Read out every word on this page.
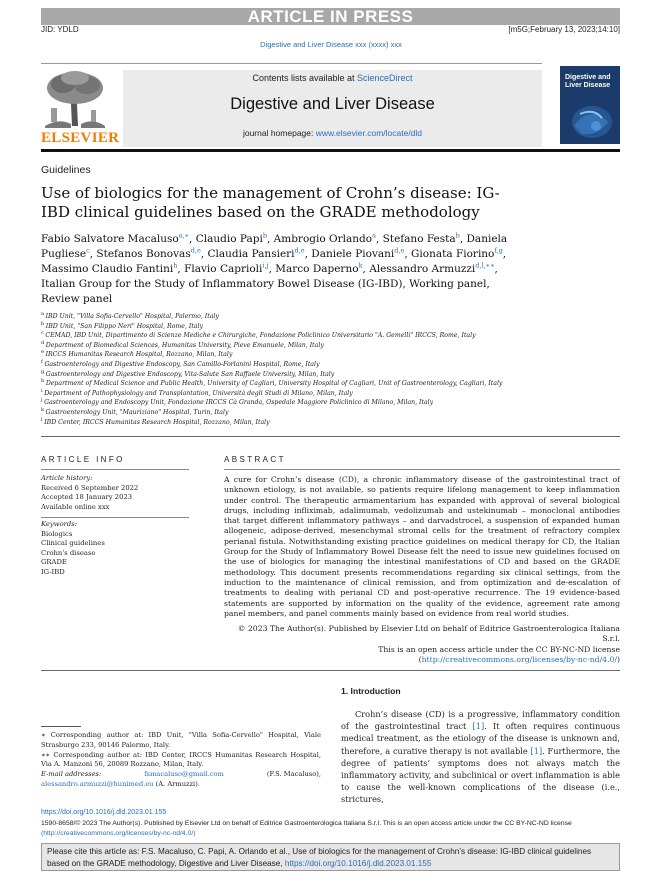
ARTICLE IN PRESS
JID: YDLD	[m5G;February 13, 2023;14:10]
Digestive and Liver Disease xxx (xxxx) xxx
ELSEVIER
Contents lists available at ScienceDirect
Digestive and Liver Disease
journal homepage: www.elsevier.com/locate/dld
Digestive and Liver Disease
Guidelines
Use of biologics for the management of Crohn’s disease: IG-IBD clinical guidelines based on the GRADE methodology
Fabio Salvatore Macaluso$^{a,∗}$, Claudio Papi$^b$, Ambrogio Orlando$^a$, Stefano Festa$^b$, Daniela Pugliese$^c$, Stefanos Bonovas$^{d,e}$, Claudia Pansieri$^{d,e}$, Daniele Piovani$^{d,e}$, Gionata Fiorino$^{f,g}$, Massimo Claudio Fantini$^h$, Flavio Caprioli$^{i,j}$, Marco Daperno$^k$, Alessandro Armuzzi$^{d,l,∗∗}$, Italian Group for the Study of Inflammatory Bowel Disease (IG-IBD), Working panel, Review panel
$^a$ IBD Unit, "Villa Sofia-Cervello" Hospital, Palermo, Italy
$^b$ IBD Unit, "San Filippo Neri" Hospital, Rome, Italy
$^c$ CEMAD, IBD Unit, Dipartimento di Scienze Mediche e Chirurgiche, Fondazione Policlinico Universitario "A. Gemelli" IRCCS, Rome, Italy
$^d$ Department of Biomedical Sciences, Humanitas University, Pieve Emanuele, Milan, Italy
$^e$ IRCCS Humanitas Research Hospital, Rozzano, Milan, Italy
$^f$ Gastroenterology and Digestive Endoscopy, San Camillo-Forlanini Hospital, Rome, Italy
$^g$ Gastroenterology and Digestive Endoscopy, Vita-Salute San Raffaele University, Milan, Italy
$^h$ Department of Medical Science and Public Health, University of Cagliari, University Hospital of Cagliari, Unit of Gastroenterology, Cagliari, Italy
$^i$ Department of Pathophysiology and Transplantation, Università degli Studi di Milano, Milan, Italy
$^j$ Gastroenterology and Endoscopy Unit, Fondazione IRCCS Cà Granda, Ospedale Maggiore Policlinico di Milano, Milan, Italy
$^k$ Gastroenterology Unit, "Mauriziano" Hospital, Turin, Italy
$^l$ IBD Center, IRCCS Humanitas Research Hospital, Rozzano, Milan, Italy
ARTICLE INFO	ABSTRACT
Article history:
Received 6 September 2022
Accepted 18 January 2023
Available online xxx
Keywords:
Biologics
Clinical guidelines
Crohn's disease
GRADE
IG-IBD
A cure for Crohn’s disease (CD), a chronic inflammatory disease of the gastrointestinal tract of unknown etiology, is not available, so patients require lifelong management to keep inflammation under control. The therapeutic armamentarium has expanded with approval of several biological drugs, including infliximab, adalimumab, vedolizumab and ustekinumab – monoclonal antibodies that target different inflammatory pathways – and darvadstrocel, a suspension of expanded human allogeneic, adipose-derived, mesenchymal stromal cells for the treatment of refractory complex perianal fistula. Notwithstanding existing practice guidelines on medical therapy for CD, the Italian Group for the Study of Inflammatory Bowel Disease felt the need to issue new guidelines focused on the use of biologics for managing the intestinal manifestations of CD and based on the GRADE methodology. This document presents recommendations regarding six clinical settings, from the induction to the maintenance of clinical remission, and from optimization and de-escalation of treatments to dealing with perianal CD and post-operative recurrence. The 19 evidence-based statements are supported by information on the quality of the evidence, agreement rate among panel members, and panel comments mainly based on evidence from real world studies.
© 2023 The Author(s). Published by Elsevier Ltd on behalf of Editrice Gastroenterologica Italiana S.r.l.
This is an open access article under the CC BY-NC-ND license
(http://creativecommons.org/licenses/by-nc-nd/4.0/)
1. Introduction
Crohn’s disease (CD) is a progressive, inflammatory condition of the gastrointestinal tract [1]. It often requires continuous medical treatment, as the etiology of the disease is unknown and, therefore, a curative therapy is not available [1]. Furthermore, the degree of patients’ symptoms does not always match the inflammatory activity, and subclinical or overt inflammation is able to cause the well-known complications of the disease (i.e., strictures,

∗ Corresponding author at: IBD Unit, "Villa Sofia-Cervello" Hospital, Viale Strasburgo 233, 90146 Palermo, Italy.

∗∗ Corresponding author at: IBD Center, IRCCS Humanitas Research Hospital, Via A. Manzoni 56, 20089 Rozzano, Milan, Italy.

E-mail addresses:	fsmacaluso@gmail.com	(F.S. Macaluso),
alessandro.armuzzi@hunimed.eu (A. Armuzzi).
https://doi.org/10.1016/j.dld.2023.01.155
1590-8658/© 2023 The Author(s). Published by Elsevier Ltd on behalf of Editrice Gastroenterologica Italiana S.r.l. This is an open access article under the CC BY-NC-ND license (http://creativecommons.org/licenses/by-nc-nd/4.0/)
Please cite this article as: F.S. Macaluso, C. Papi, A. Orlando et al., Use of biologics for the management of Crohn’s disease: IG-IBD clinical guidelines based on the GRADE methodology, Digestive and Liver Disease, https://doi.org/10.1016/j.dld.2023.01.155
